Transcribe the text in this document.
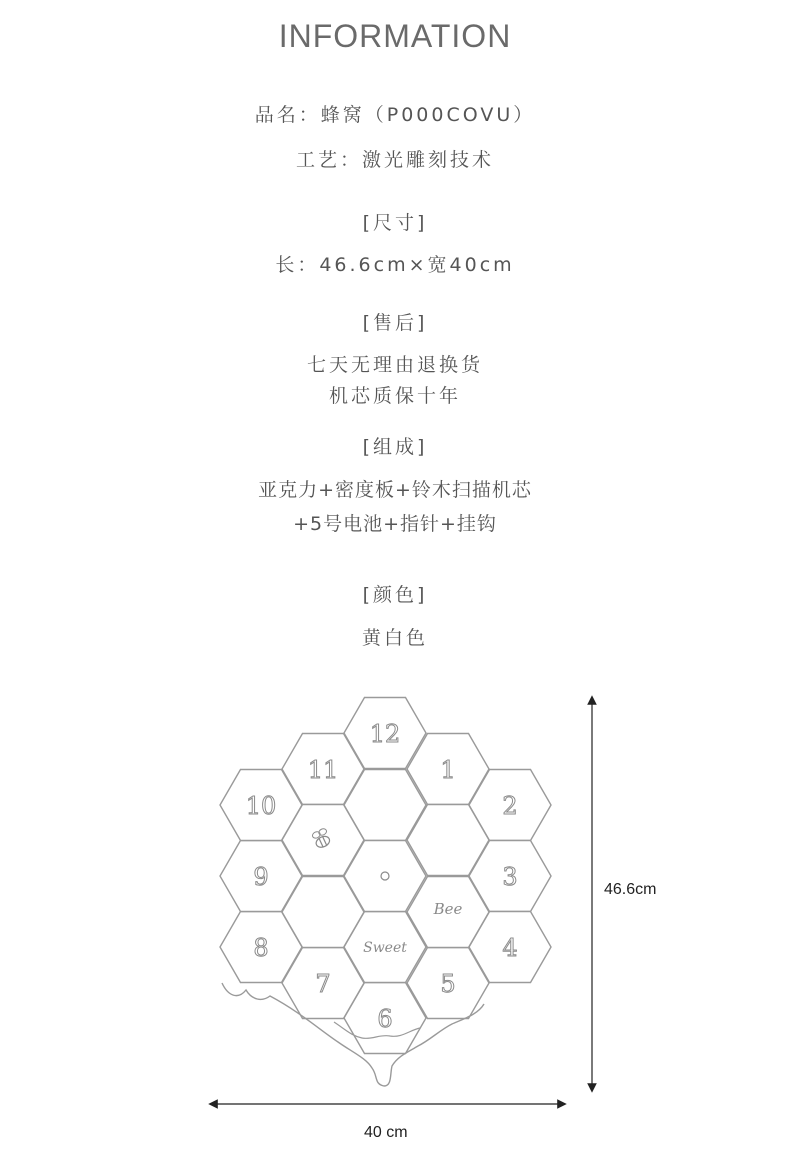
INFORMATION
品名：蜂窝（P000COVU）
工艺：激光雕刻技术
[尺寸]
长：46.6cm×宽40cm
[售后]
七天无理由退换货
机芯质保十年
[组成]
亚克力+密度板+铃木扫描机芯
+5号电池+指针+挂钩
[颜色]
黄白色
12
1
2
3
4
5
6
7
8
9
10
11
Bee
Sweet
46.6cm
40 cm
